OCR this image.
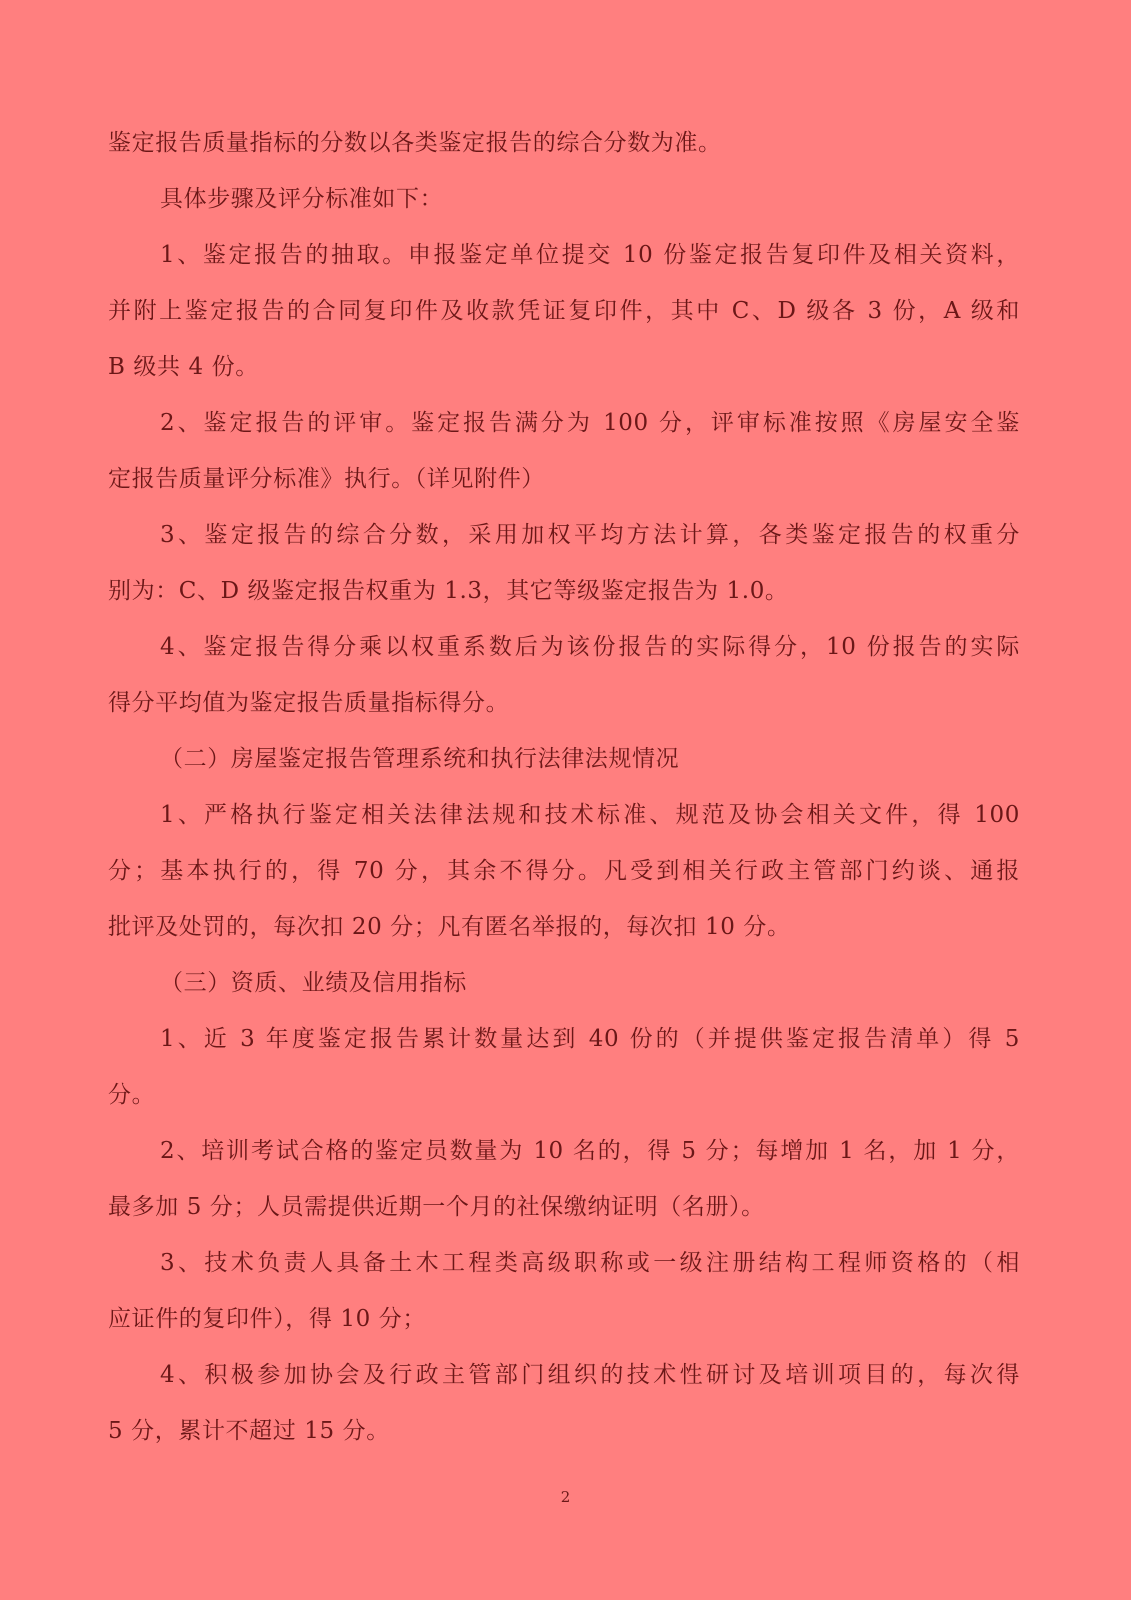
鉴定报告质量指标的分数以各类鉴定报告的综合分数为准。
具体步骤及评分标准如下：
1、鉴定报告的抽取。申报鉴定单位提交 10 份鉴定报告复印件及相关资料，
并附上鉴定报告的合同复印件及收款凭证复印件，其中 C、D 级各 3 份，A 级和
B 级共 4 份。
2、鉴定报告的评审。鉴定报告满分为 100 分，评审标准按照《房屋安全鉴
定报告质量评分标准》执行。（详见附件）
3、鉴定报告的综合分数，采用加权平均方法计算，各类鉴定报告的权重分
别为：C、D 级鉴定报告权重为 1.3，其它等级鉴定报告为 1.0。
4、鉴定报告得分乘以权重系数后为该份报告的实际得分，10 份报告的实际
得分平均值为鉴定报告质量指标得分。
（二）房屋鉴定报告管理系统和执行法律法规情况
1、严格执行鉴定相关法律法规和技术标准、规范及协会相关文件，得 100
分；基本执行的，得 70 分，其余不得分。凡受到相关行政主管部门约谈、通报
批评及处罚的，每次扣 20 分；凡有匿名举报的，每次扣 10 分。
（三）资质、业绩及信用指标
1、近 3 年度鉴定报告累计数量达到 40 份的（并提供鉴定报告清单）得 5
分。
2、培训考试合格的鉴定员数量为 10 名的，得 5 分；每增加 1 名，加 1 分，
最多加 5 分；人员需提供近期一个月的社保缴纳证明（名册）。
3、技术负责人具备土木工程类高级职称或一级注册结构工程师资格的（相
应证件的复印件），得 10 分；
4、积极参加协会及行政主管部门组织的技术性研讨及培训项目的，每次得
5 分，累计不超过 15 分。
2
